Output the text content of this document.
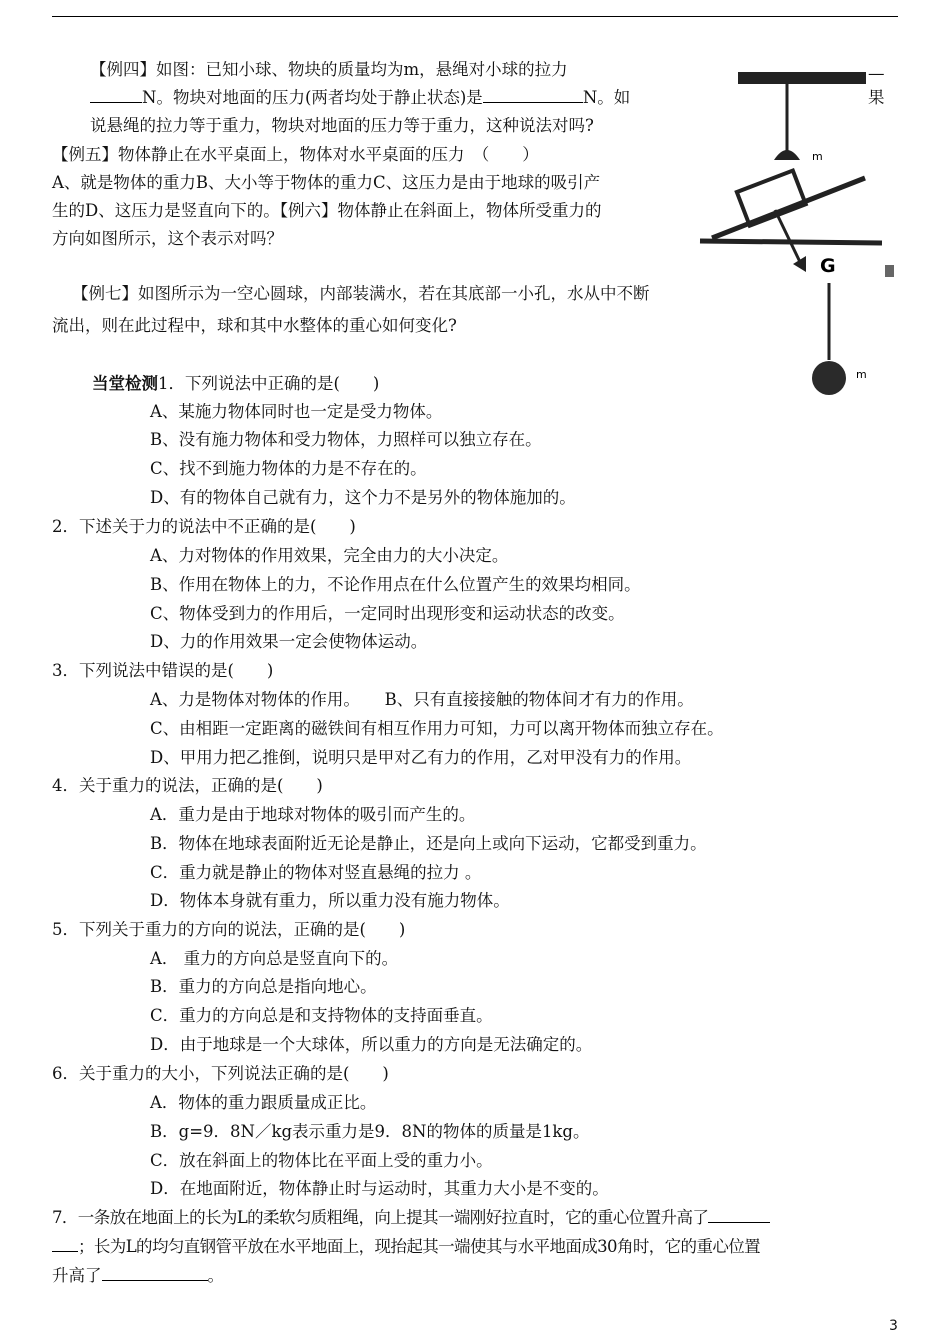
【例四】如图：已知小球、物块的质量均为m，悬绳对小球的拉力
N。物块对地面的压力(两者均处于静止状态)是	N。如
说悬绳的拉力等于重力，物块对地面的压力等于重力，这种说法对吗?
—
果
【例五】物体静止在水平桌面上，物体对水平桌面的压力　（　　）
A、就是物体的重力B、大小等于物体的重力C、这压力是由于地球的吸引产
生的D、这压力是竖直向下的。【例六】物体静止在斜面上，物体所受重力的
方向如图所示，这个表示对吗？
【例七】如图所示为一空心圆球，内部装满水，若在其底部一小孔，水从中不断
流出，则在此过程中，球和其中水整体的重心如何变化?
m
G
m
当堂检测1．下列说法中正确的是(　　)
A、某施力物体同时也一定是受力物体。
B、没有施力物体和受力物体，力照样可以独立存在。
C、找不到施力物体的力是不存在的。
D、有的物体自己就有力，这个力不是另外的物体施加的。
2．下述关于力的说法中不正确的是(　　)
A、力对物体的作用效果，完全由力的大小决定。
B、作用在物体上的力，不论作用点在什么位置产生的效果均相同。
C、物体受到力的作用后，一定同时出现形变和运动状态的改变。
D、力的作用效果一定会使物体运动。
3．下列说法中错误的是(　　)
A、力是物体对物体的作用。　　B、只有直接接触的物体间才有力的作用。
C、由相距一定距离的磁铁间有相互作用力可知，力可以离开物体而独立存在。
D、甲用力把乙推倒，说明只是甲对乙有力的作用，乙对甲没有力的作用。
4．关于重力的说法，正确的是(　　)
A．重力是由于地球对物体的吸引而产生的。
B．物体在地球表面附近无论是静止，还是向上或向下运动，它都受到重力。
C．重力就是静止的物体对竖直悬绳的拉力 。
D．物体本身就有重力，所以重力没有施力物体。
5．下列关于重力的方向的说法，正确的是(　　)
A． 重力的方向总是竖直向下的。
B．重力的方向总是指向地心。
C．重力的方向总是和支持物体的支持面垂直。
D．由于地球是一个大球体，所以重力的方向是无法确定的。
6．关于重力的大小，下列说法正确的是(　　)
A．物体的重力跟质量成正比。
B．g=9．8N／kg表示重力是9．8N的物体的质量是1kg。
C．放在斜面上的物体比在平面上受的重力小。
D．在地面附近，物体静止时与运动时，其重力大小是不变的。
7．一条放在地面上的长为L的柔软匀质粗绳，向上提其一端刚好拉直时，它的重心位置升高了
；长为L的均匀直钢管平放在水平地面上，现抬起其一端使其与水平地面成30角时，它的重心位置
升高了	。
3
